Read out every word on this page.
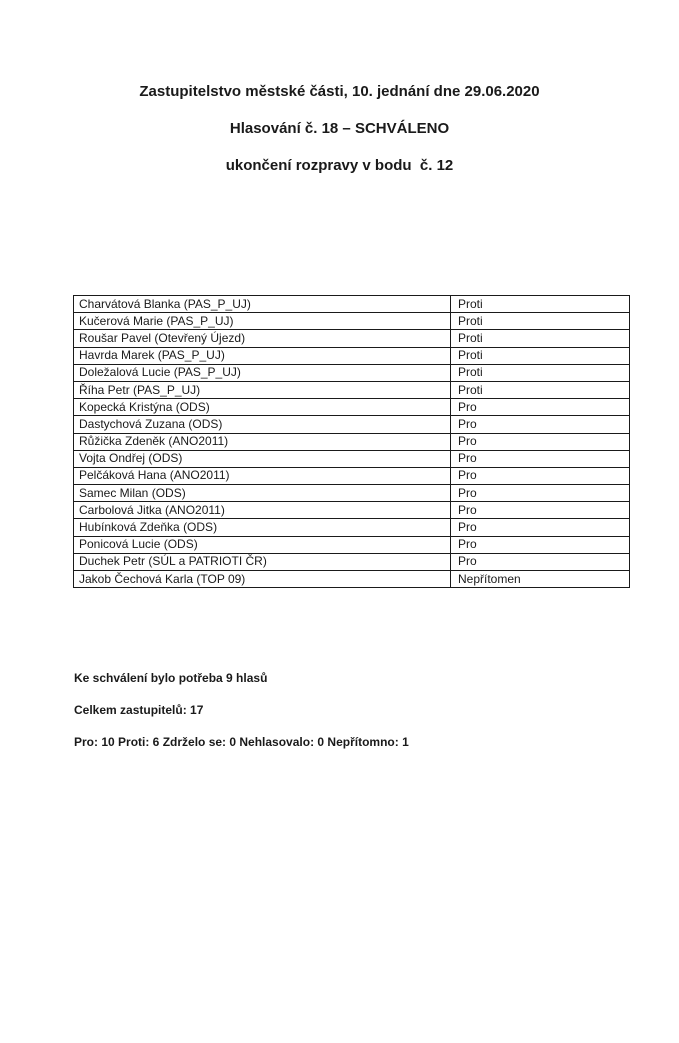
Zastupitelstvo městské části, 10. jednání dne 29.06.2020

Hlasování č. 18 – SCHVÁLENO

ukončení rozpravy v bodu  č. 12

Charvátová Blanka (PAS_P_UJ)	Proti
Kučerová Marie (PAS_P_UJ)	Proti
Roušar Pavel (Otevřený Újezd)	Proti
Havrda Marek (PAS_P_UJ)	Proti
Doležalová Lucie (PAS_P_UJ)	Proti
Říha Petr (PAS_P_UJ)	Proti
Kopecká Kristýna (ODS)	Pro
Dastychová Zuzana (ODS)	Pro
Růžička Zdeněk (ANO2011)	Pro
Vojta Ondřej (ODS)	Pro
Pelčáková Hana (ANO2011)	Pro
Samec Milan (ODS)	Pro
Carbolová Jitka (ANO2011)	Pro
Hubínková Zdeňka (ODS)	Pro
Ponicová Lucie (ODS)	Pro
Duchek Petr (SÚL a PATRIOTI ČR)	Pro
Jakob Čechová Karla (TOP 09)	Nepřítomen

Ke schválení bylo potřeba 9 hlasů

Celkem zastupitelů: 17

Pro: 10 Proti: 6 Zdrželo se: 0 Nehlasovalo: 0 Nepřítomno: 1
